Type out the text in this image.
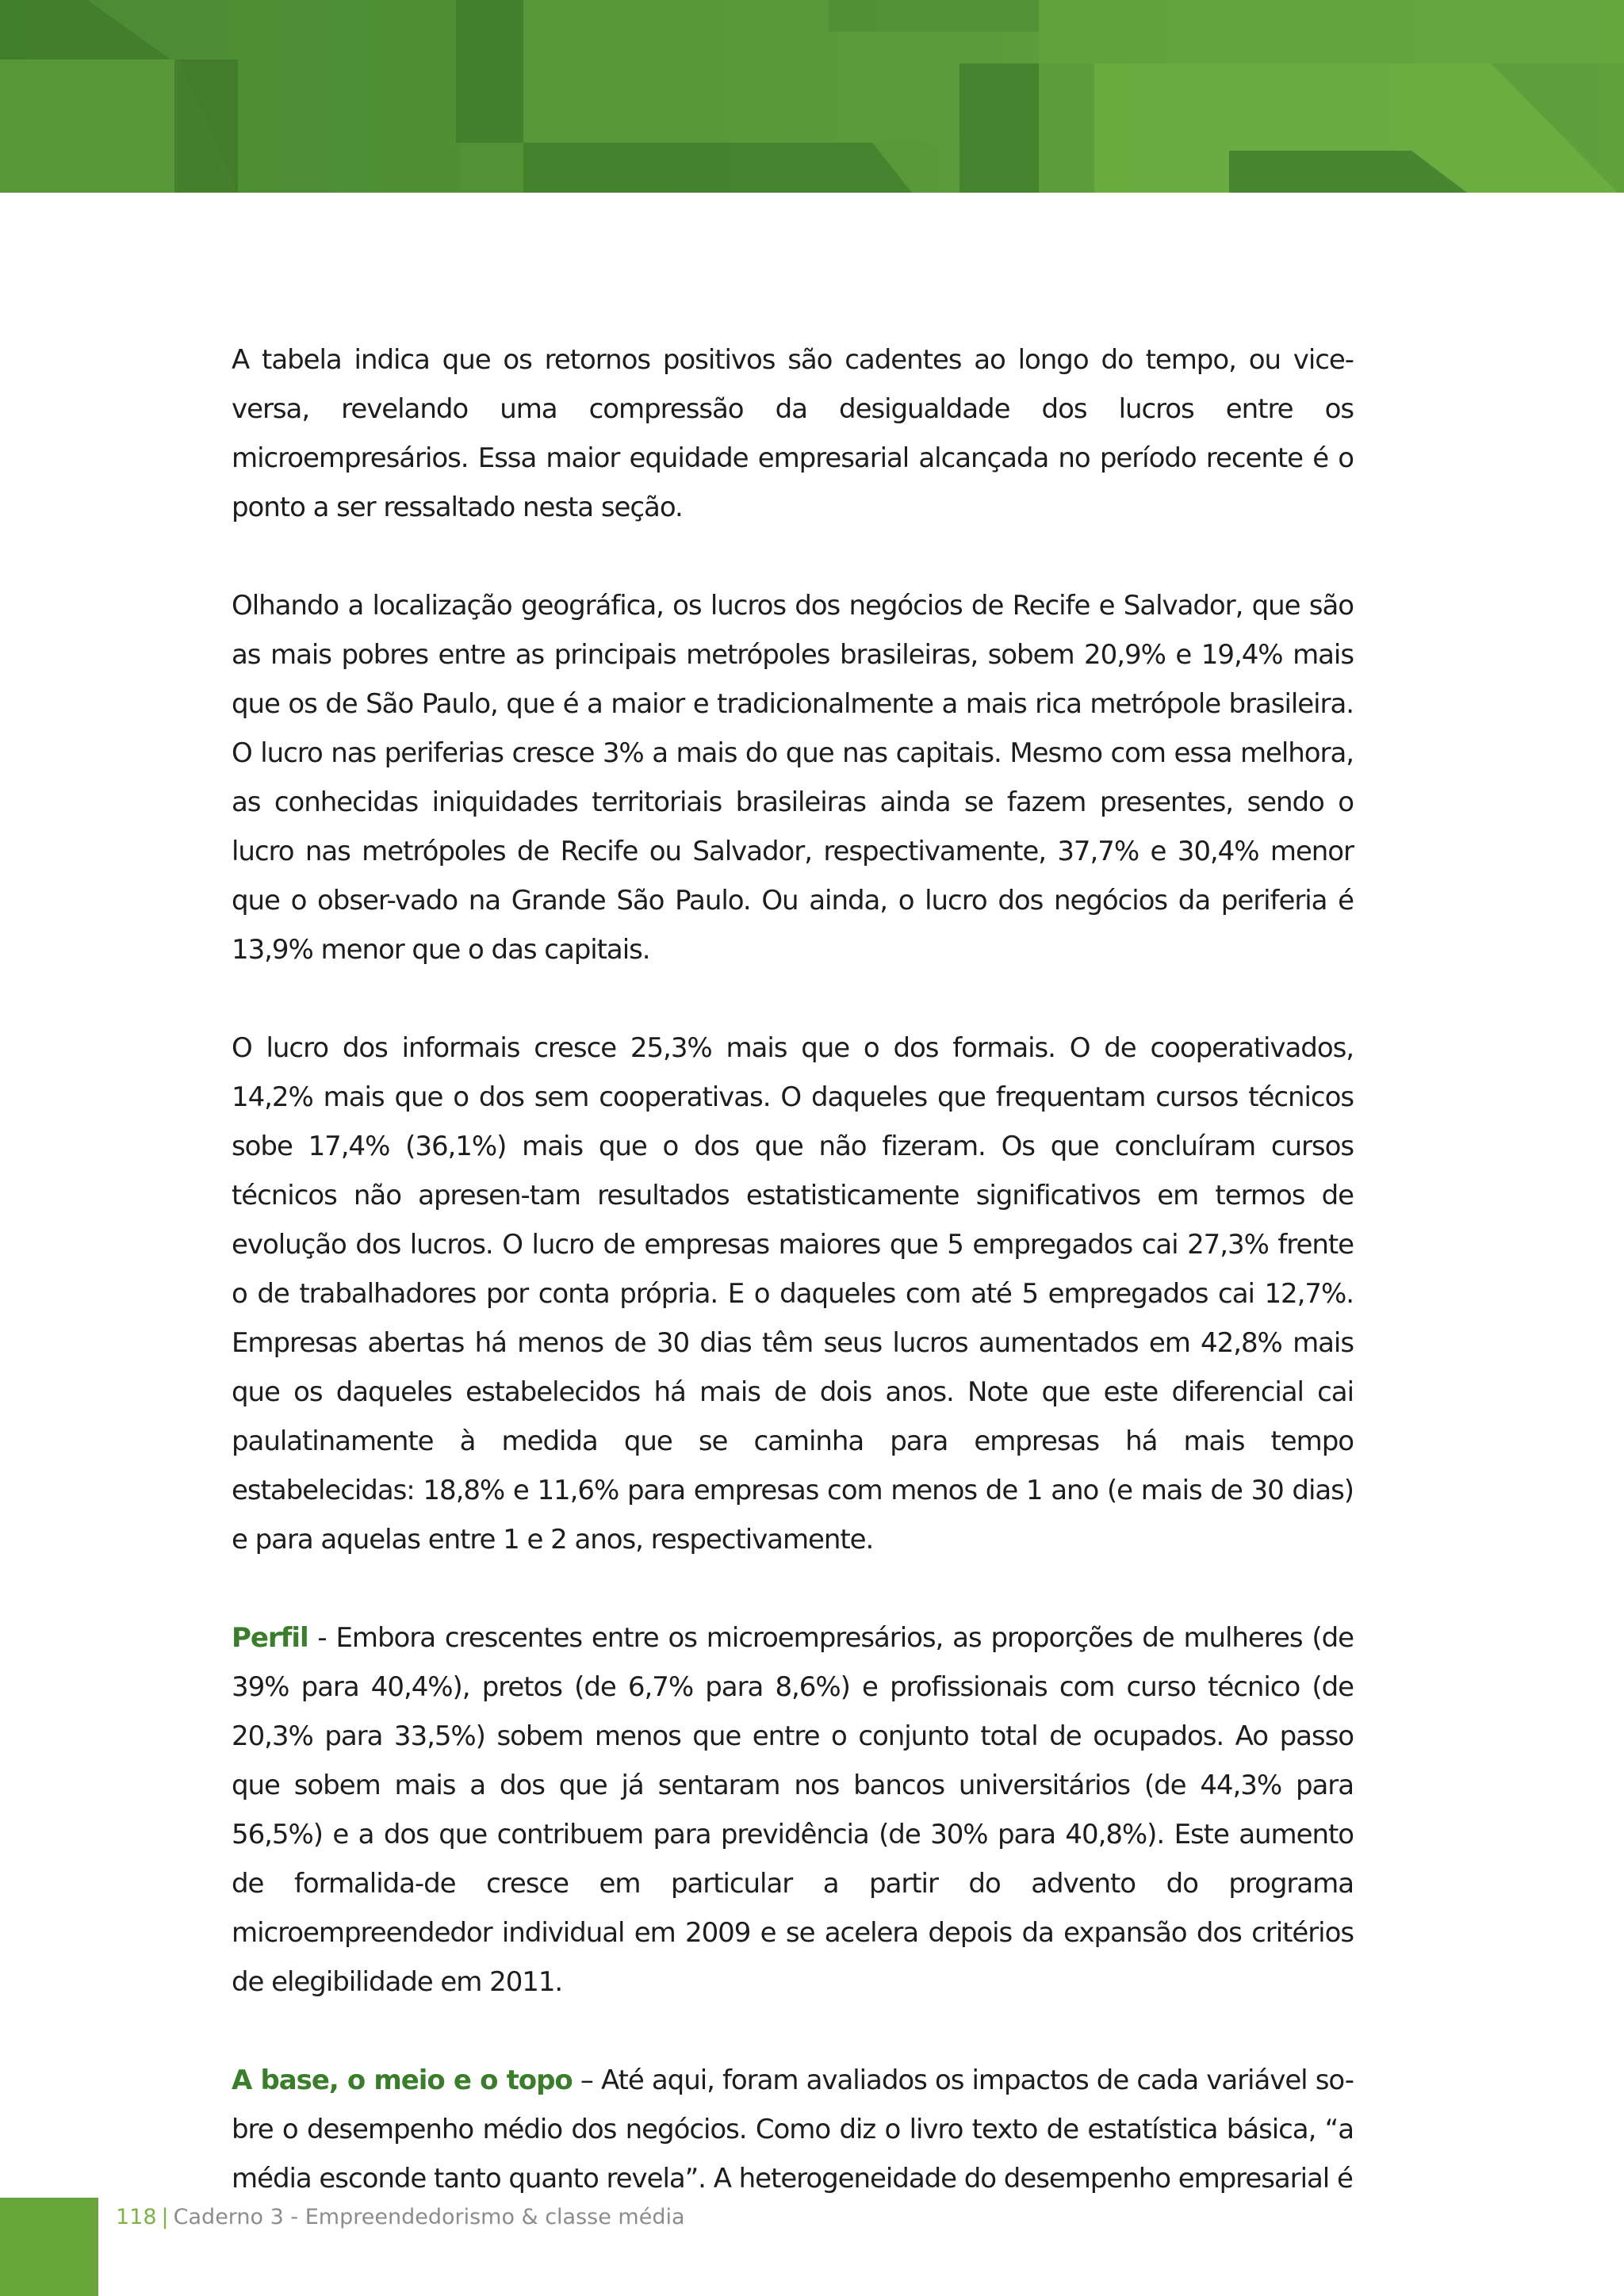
A tabela indica que os retornos positivos são cadentes ao longo do tempo, ou vice-versa, revelando uma compressão da desigualdade dos lucros entre os microempresários. Essa maior equidade empresarial alcançada no período recente é o ponto a ser ressaltado nesta seção.

Olhando a localização geográfica, os lucros dos negócios de Recife e Salvador, que são as mais pobres entre as principais metrópoles brasileiras, sobem 20,9% e 19,4% mais que os de São Paulo, que é a maior e tradicionalmente a mais rica metrópole brasileira. O lucro nas periferias cresce 3% a mais do que nas capitais. Mesmo com essa melhora, as conhecidas iniquidades territoriais brasileiras ainda se fazem presentes, sendo o lucro nas metrópoles de Recife ou Salvador, respectivamente, 37,7% e 30,4% menor que o obser-vado na Grande São Paulo. Ou ainda, o lucro dos negócios da periferia é 13,9% menor que o das capitais.

O lucro dos informais cresce 25,3% mais que o dos formais. O de cooperativados, 14,2% mais que o dos sem cooperativas. O daqueles que frequentam cursos técnicos sobe 17,4% (36,1%) mais que o dos que não fizeram. Os que concluíram cursos técnicos não apresen-tam resultados estatisticamente significativos em termos de evolução dos lucros. O lucro de empresas maiores que 5 empregados cai 27,3% frente o de trabalhadores por conta própria. E o daqueles com até 5 empregados cai 12,7%. Empresas abertas há menos de 30 dias têm seus lucros aumentados em 42,8% mais que os daqueles estabelecidos há mais de dois anos. Note que este diferencial cai paulatinamente à medida que se caminha para empresas há mais tempo estabelecidas: 18,8% e 11,6% para empresas com menos de 1 ano (e mais de 30 dias) e para aquelas entre 1 e 2 anos, respectivamente.

Perfil - Embora crescentes entre os microempresários, as proporções de mulheres (de 39% para 40,4%), pretos (de 6,7% para 8,6%) e profissionais com curso técnico (de 20,3% para 33,5%) sobem menos que entre o conjunto total de ocupados. Ao passo que sobem mais a dos que já sentaram nos bancos universitários (de 44,3% para 56,5%) e a dos que contribuem para previdência (de 30% para 40,8%). Este aumento de formalida-de cresce em particular a partir do advento do programa microempreendedor individual em 2009 e se acelera depois da expansão dos critérios de elegibilidade em 2011.

A base, o meio e o topo – Até aqui, foram avaliados os impactos de cada variável so-bre o desempenho médio dos negócios. Como diz o livro texto de estatística básica, “a média esconde tanto quanto revela”. A heterogeneidade do desempenho empresarial é

118 | Caderno 3 - Empreendedorismo & classe média
